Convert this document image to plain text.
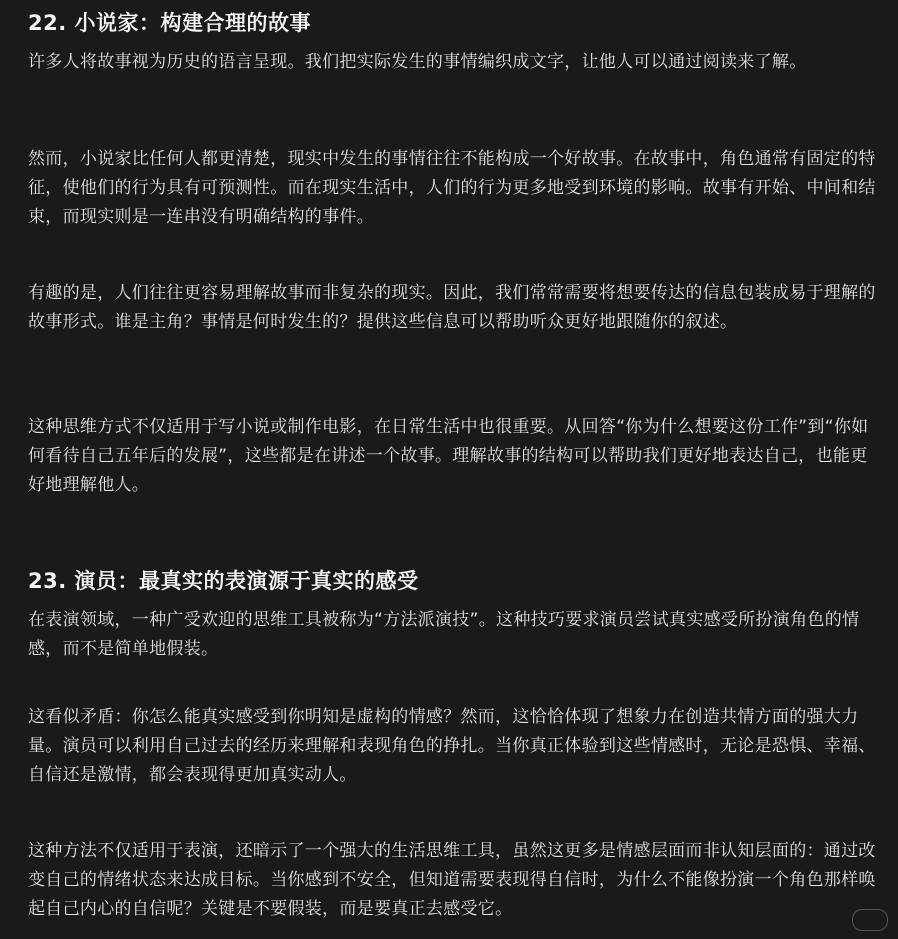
22. 小说家：构建合理的故事

许多人将故事视为历史的语言呈现。我们把实际发生的事情编织成文字，让他人可以通过阅读来了解。

然而，小说家比任何人都更清楚，现实中发生的事情往往不能构成一个好故事。在故事中，角色通常有固定的特征，使他们的行为具有可预测性。而在现实生活中，人们的行为更多地受到环境的影响。故事有开始、中间和结束，而现实则是一连串没有明确结构的事件。

有趣的是，人们往往更容易理解故事而非复杂的现实。因此，我们常常需要将想要传达的信息包装成易于理解的故事形式。谁是主角？事情是何时发生的？提供这些信息可以帮助听众更好地跟随你的叙述。

这种思维方式不仅适用于写小说或制作电影，在日常生活中也很重要。从回答“你为什么想要这份工作”到“你如何看待自己五年后的发展”，这些都是在讲述一个故事。理解故事的结构可以帮助我们更好地表达自己，也能更好地理解他人。

23. 演员：最真实的表演源于真实的感受

在表演领域，一种广受欢迎的思维工具被称为“方法派演技”。这种技巧要求演员尝试真实感受所扮演角色的情感，而不是简单地假装。

这看似矛盾：你怎么能真实感受到你明知是虚构的情感？然而，这恰恰体现了想象力在创造共情方面的强大力量。演员可以利用自己过去的经历来理解和表现角色的挣扎。当你真正体验到这些情感时，无论是恐惧、幸福、自信还是激情，都会表现得更加真实动人。

这种方法不仅适用于表演，还暗示了一个强大的生活思维工具，虽然这更多是情感层面而非认知层面的：通过改变自己的情绪状态来达成目标。当你感到不安全，但知道需要表现得自信时，为什么不能像扮演一个角色那样唤起自己内心的自信呢？关键是不要假装，而是要真正去感受它。
